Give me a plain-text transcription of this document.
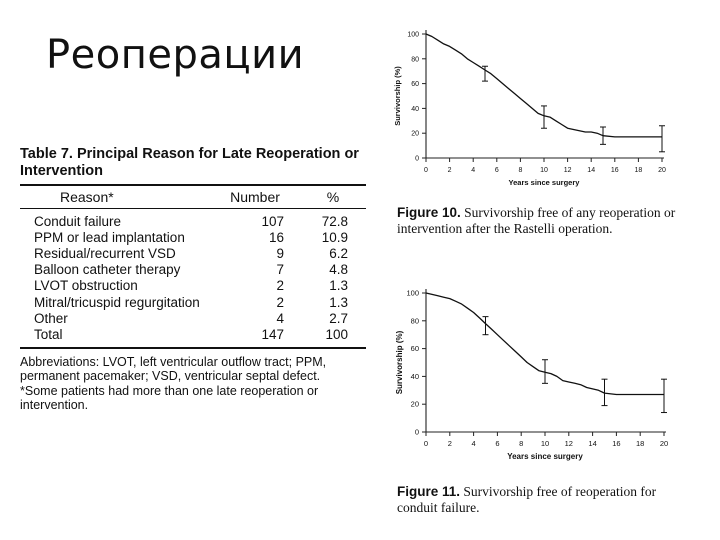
Реоперации
Table 7. Principal Reason for Late Reoperation or Intervention
Reason*	Number	%
Conduit failure	107	72.8
PPM or lead implantation	16	10.9
Residual/recurrent VSD	9	6.2
Balloon catheter therapy	7	4.8
LVOT obstruction	2	1.3
Mitral/tricuspid regurgitation	2	1.3
Other	4	2.7
Total	147	100
Abbreviations: LVOT, left ventricular outflow tract; PPM, permanent pacemaker; VSD, ventricular septal defect.
*Some patients had more than one late reoperation or intervention.
0
20
40
60
80
100
0	2	4	6	8	10 12 14 16 18 20
Years since surgery
Survivorship (%)
Figure 10. Survivorship free of any reoperation or intervention after the Rastelli operation.
0
20
40
60
80
100
0	2	4	6	8 10 12 14 16 18 20
Years since surgery
Survivorship (%)
Figure 11. Survivorship free of reoperation for conduit failure.
